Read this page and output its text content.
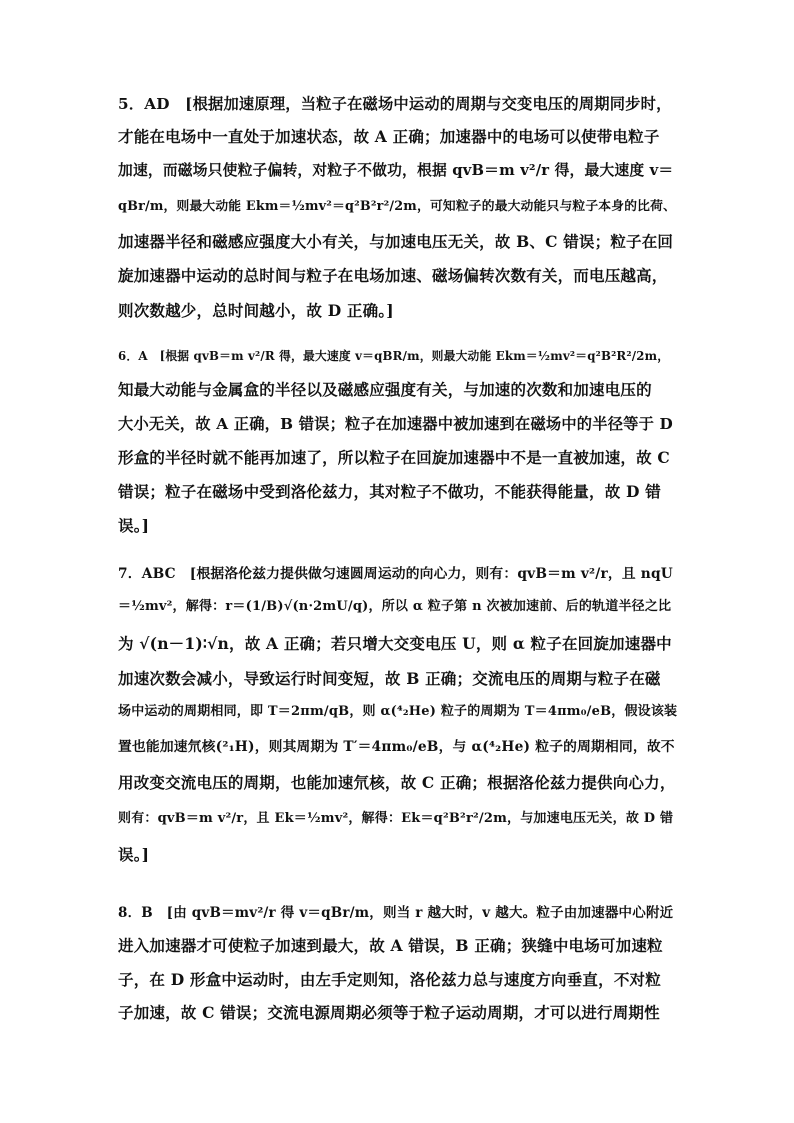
5．AD　[根据加速原理，当粒子在磁场中运动的周期与交变电压的周期同步时，
才能在电场中一直处于加速状态，故 A 正确；加速器中的电场可以使带电粒子
加速，而磁场只使粒子偏转，对粒子不做功，根据 qvB＝m v²/r 得，最大速度 v＝
qBr/m，则最大动能 Ekm＝½mv²＝q²B²r²/2m，可知粒子的最大动能只与粒子本身的比荷、
加速器半径和磁感应强度大小有关，与加速电压无关，故 B、C 错误；粒子在回
旋加速器中运动的总时间与粒子在电场加速、磁场偏转次数有关，而电压越高，
则次数越少，总时间越小，故 D 正确。]
6．A　[根据 qvB＝m v²/R 得，最大速度 v＝qBR/m，则最大动能 Ekm＝½mv²＝q²B²R²/2m，
知最大动能与金属盒的半径以及磁感应强度有关，与加速的次数和加速电压的
大小无关，故 A 正确，B 错误；粒子在加速器中被加速到在磁场中的半径等于 D
形盒的半径时就不能再加速了，所以粒子在回旋加速器中不是一直被加速，故 C
错误；粒子在磁场中受到洛伦兹力，其对粒子不做功，不能获得能量，故 D 错
误。]
7．ABC　[根据洛伦兹力提供做匀速圆周运动的向心力，则有：qvB＝m v²/r，且 nqU
＝½mv²，解得：r＝(1/B)√(n·2mU/q)，所以 α 粒子第 n 次被加速前、后的轨道半径之比
为 √(n－1)∶√n，故 A 正确；若只增大交变电压 U，则 α 粒子在回旋加速器中
加速次数会减小，导致运行时间变短，故 B 正确；交流电压的周期与粒子在磁
场中运动的周期相同，即 T＝2πm/qB，则 α(⁴₂He) 粒子的周期为 T＝4πm₀/eB，假设该装
置也能加速氘核(²₁H)，则其周期为 T′＝4πm₀/eB，与 α(⁴₂He) 粒子的周期相同，故不
用改变交流电压的周期，也能加速氘核，故 C 正确；根据洛伦兹力提供向心力，
则有：qvB＝m v²/r，且 Ek＝½mv²，解得：Ek＝q²B²r²/2m，与加速电压无关，故 D 错
误。]
8．B　[由 qvB＝mv²/r 得 v＝qBr/m，则当 r 越大时，v 越大。粒子由加速器中心附近
进入加速器才可使粒子加速到最大，故 A 错误，B 正确；狭缝中电场可加速粒
子，在 D 形盒中运动时，由左手定则知，洛伦兹力总与速度方向垂直，不对粒
子加速，故 C 错误；交流电源周期必须等于粒子运动周期，才可以进行周期性
